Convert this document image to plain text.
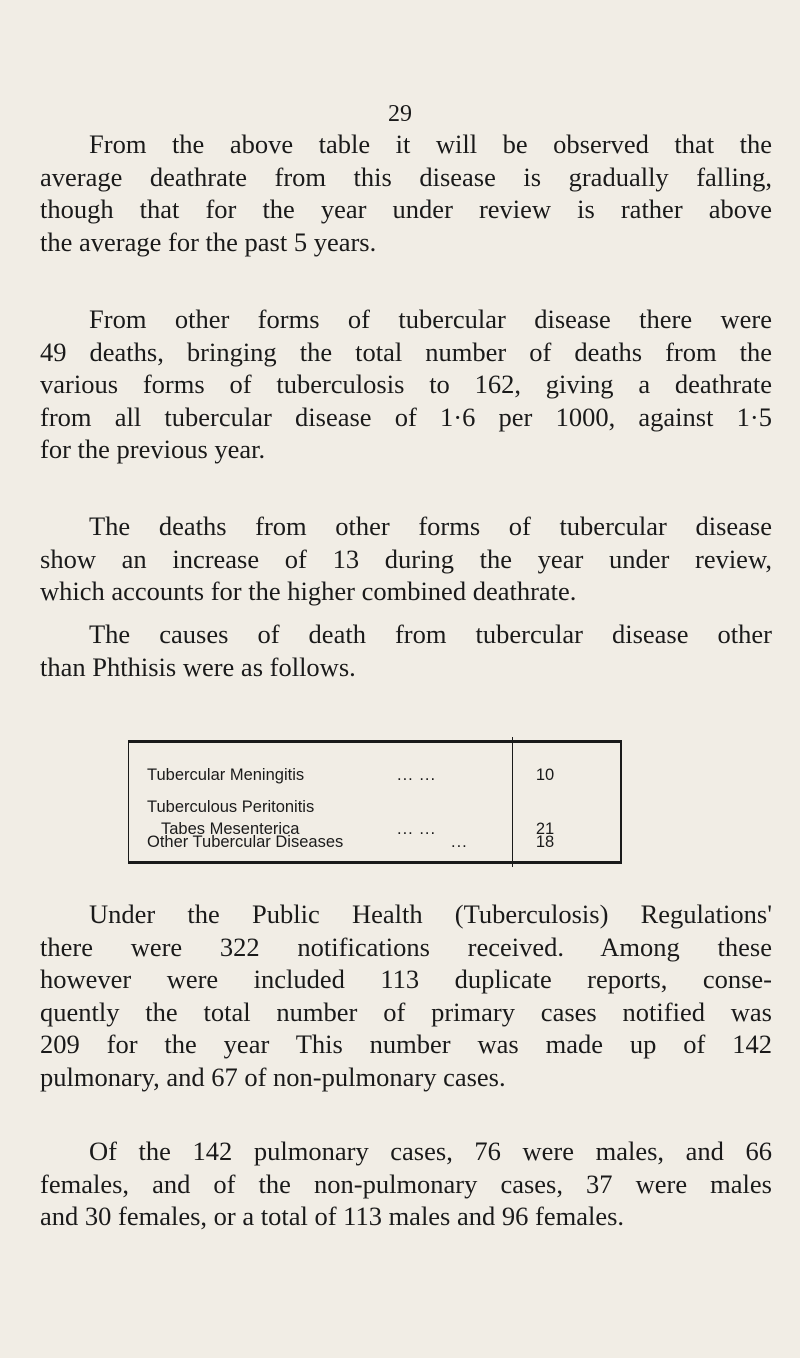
29

From the above table it will be observed that the

average deathrate from this disease is gradually falling,
though that for the year under review is rather above
the average for the past 5 years.

From other forms of tubercular disease there were

49 deaths, bringing the total number of deaths from the
various forms of tuberculosis to 162, giving a deathrate
from all tubercular disease of 1·6 per 1000, against 1·5
for the previous year.

The deaths from other forms of tubercular disease

show an increase of 13 during the year under review,
which accounts for the higher combined deathrate.

The causes of death from tubercular disease other

than Phthisis were as follows.

Tubercular Meningitis	... ...	10
Tuberculous Peritonitis
Tabes Mesenterica	... ...	21
Other Tubercular Diseases	...	18

Under the Public Health (Tuberculosis) Regulations'

there were 322 notifications received. Among these
however were included 113 duplicate reports, conse-
quently the total number of primary cases notified was
209 for the year This number was made up of 142
pulmonary, and 67 of non-pulmonary cases.

Of the 142 pulmonary cases, 76 were males, and 66

females, and of the non-pulmonary cases, 37 were males
and 30 females, or a total of 113 males and 96 females.
